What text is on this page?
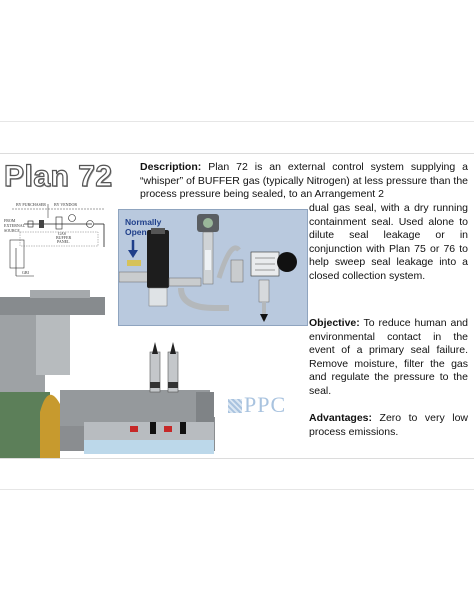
Plan 72
BY PURCHASER BY VENDOR
FROM
EXTERNAL
SOURCE
GAS
BUFFER
PANEL
GBI
Normally
Open
PPC
Description: Plan 72 is an external control system supplying a “whisper” of BUFFER gas (typically Nitrogen) at less pressure than the process pressure being sealed, to an Arrangement 2
dual gas seal, with a dry running containment seal. Used alone to dilute seal leakage or in conjunction with Plan 75 or 76 to help sweep seal leakage into a closed collection system.
Objective: To reduce human and environmental contact in the event of a primary seal failure. Remove moisture, filter the gas and regulate the pressure to the seal.
Advantages: Zero to very low process emissions.
